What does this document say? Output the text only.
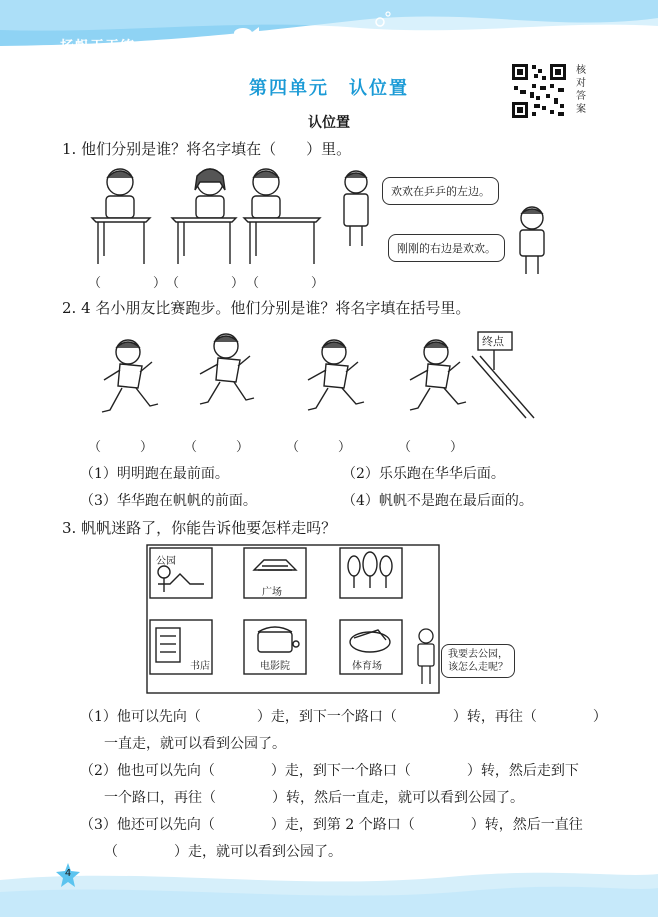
扬帆天天练
第四单元　认位置
核对答案
认位置
1. 他们分别是谁？将名字填在（　　）里。
欢欢在乒乒的左边。
刚刚的右边是欢欢。
（　　　　） （　　　　） （　　　　）
2. 4 名小朋友比赛跑步。他们分别是谁？将名字填在括号里。
终点
（　　　） （　　　）	（　　　）	（　　　）
（1）明明跑在最前面。	（2）乐乐跑在华华后面。
（3）华华跑在帆帆的前面。	（4）帆帆不是跑在最后面的。
3. 帆帆迷路了，你能告诉他要怎样走吗？
公园
广场
书店	电影院	体育场
我要去公园，
该怎么走呢？
（1）他可以先向（　　　　）走，到下一个路口（　　　　）转，再往（　　　　）
一直走，就可以看到公园了。
（2）他也可以先向（　　　　）走，到下一个路口（　　　　）转，然后走到下
一个路口，再往（　　　　）转，然后一直走，就可以看到公园了。
（3）他还可以先向（　　　　）走，到第 2 个路口（　　　　）转，然后一直往
（　　　　）走，就可以看到公园了。
4
